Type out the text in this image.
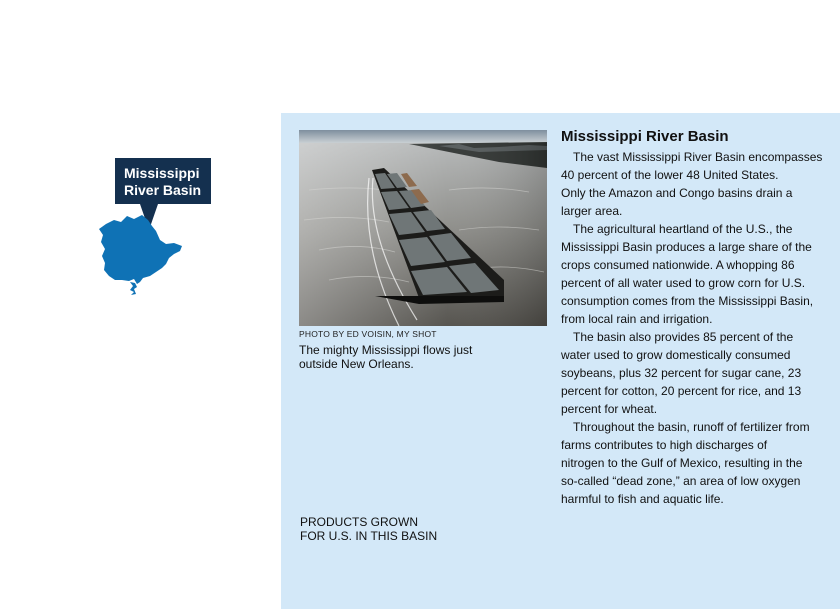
Mississippi
River Basin
PHOTO BY ED VOISIN, MY SHOT
The mighty Mississippi flows just
outside New Orleans.
PRODUCTS GROWN
FOR U.S. IN THIS BASIN
Mississippi River Basin

The vast Mississippi River Basin encompasses
40 percent of the lower 48 United States.

Only the Amazon and Congo basins drain a
larger area.

The agricultural heartland of the U.S., the
Mississippi Basin produces a large share of the
crops consumed nationwide. A whopping 86
percent of all water used to grow corn for U.S.
consumption comes from the Mississippi Basin,
from local rain and irrigation.

The basin also provides 85 percent of the
water used to grow domestically consumed
soybeans, plus 32 percent for sugar cane, 23
percent for cotton, 20 percent for rice, and 13
percent for wheat.

Throughout the basin, runoff of fertilizer from
farms contributes to high discharges of
nitrogen to the Gulf of Mexico, resulting in the
so-called “dead zone,” an area of low oxygen
harmful to fish and aquatic life.
